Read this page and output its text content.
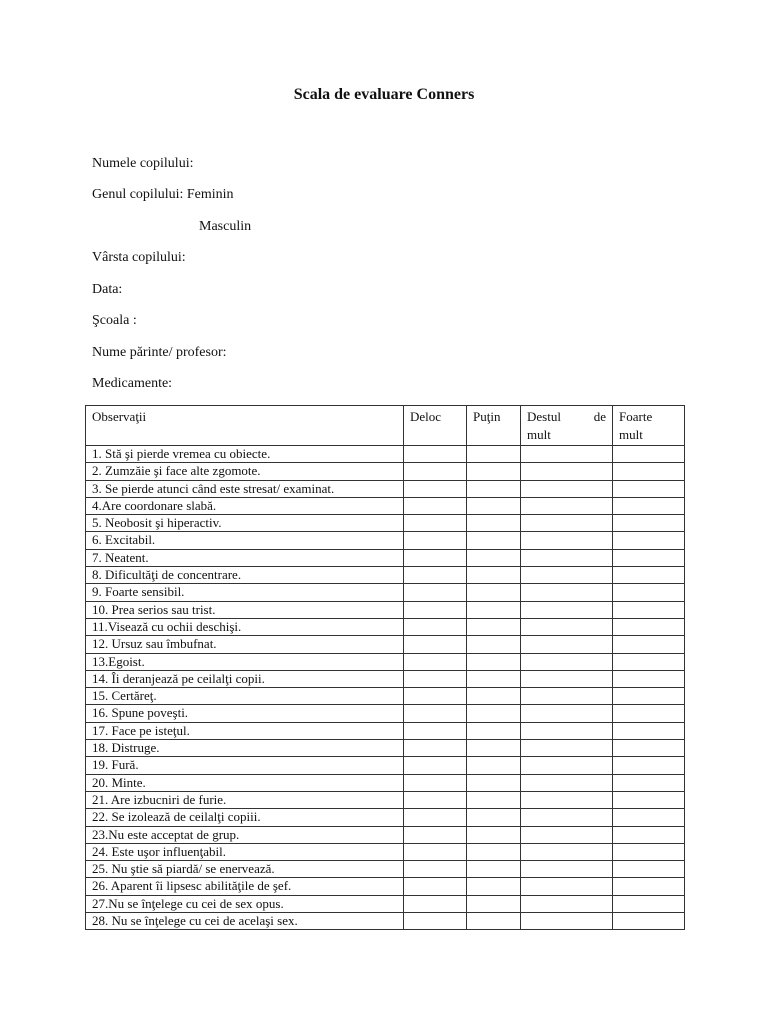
Scala de evaluare Conners
Numele copilului:
Genul copilului: Feminin
Masculin
Vârsta copilului:
Data:
Şcoala :
Nume părinte/ profesor:
Medicamente:
Observaţii	Deloc	Puţin	Destul de
mult	Foarte mult
1. Stă şi pierde vremea cu obiecte.				
2. Zumzăie şi face alte zgomote.				
3. Se pierde atunci când este stresat/ examinat.				
4.Are coordonare slabă.				
5. Neobosit şi hiperactiv.				
6. Excitabil.				
7. Neatent.				
8. Dificultăţi de concentrare.				
9. Foarte sensibil.				
10. Prea serios sau trist.				
11.Visează cu ochii deschişi.				
12. Ursuz sau îmbufnat.				
13.Egoist.				
14. Îi deranjează pe ceilalţi copii.				
15. Certăreţ.				
16. Spune poveşti.				
17. Face pe isteţul.				
18. Distruge.				
19. Fură.				
20. Minte.				
21. Are izbucniri de furie.				
22. Se izolează de ceilalţi copiii.				
23.Nu este acceptat de grup.				
24. Este uşor influenţabil.				
25. Nu ştie să piardă/ se enervează.				
26. Aparent îi lipsesc abilităţile de şef.				
27.Nu se înţelege cu cei de sex opus.				
28. Nu se înţelege cu cei de acelaşi sex.				
